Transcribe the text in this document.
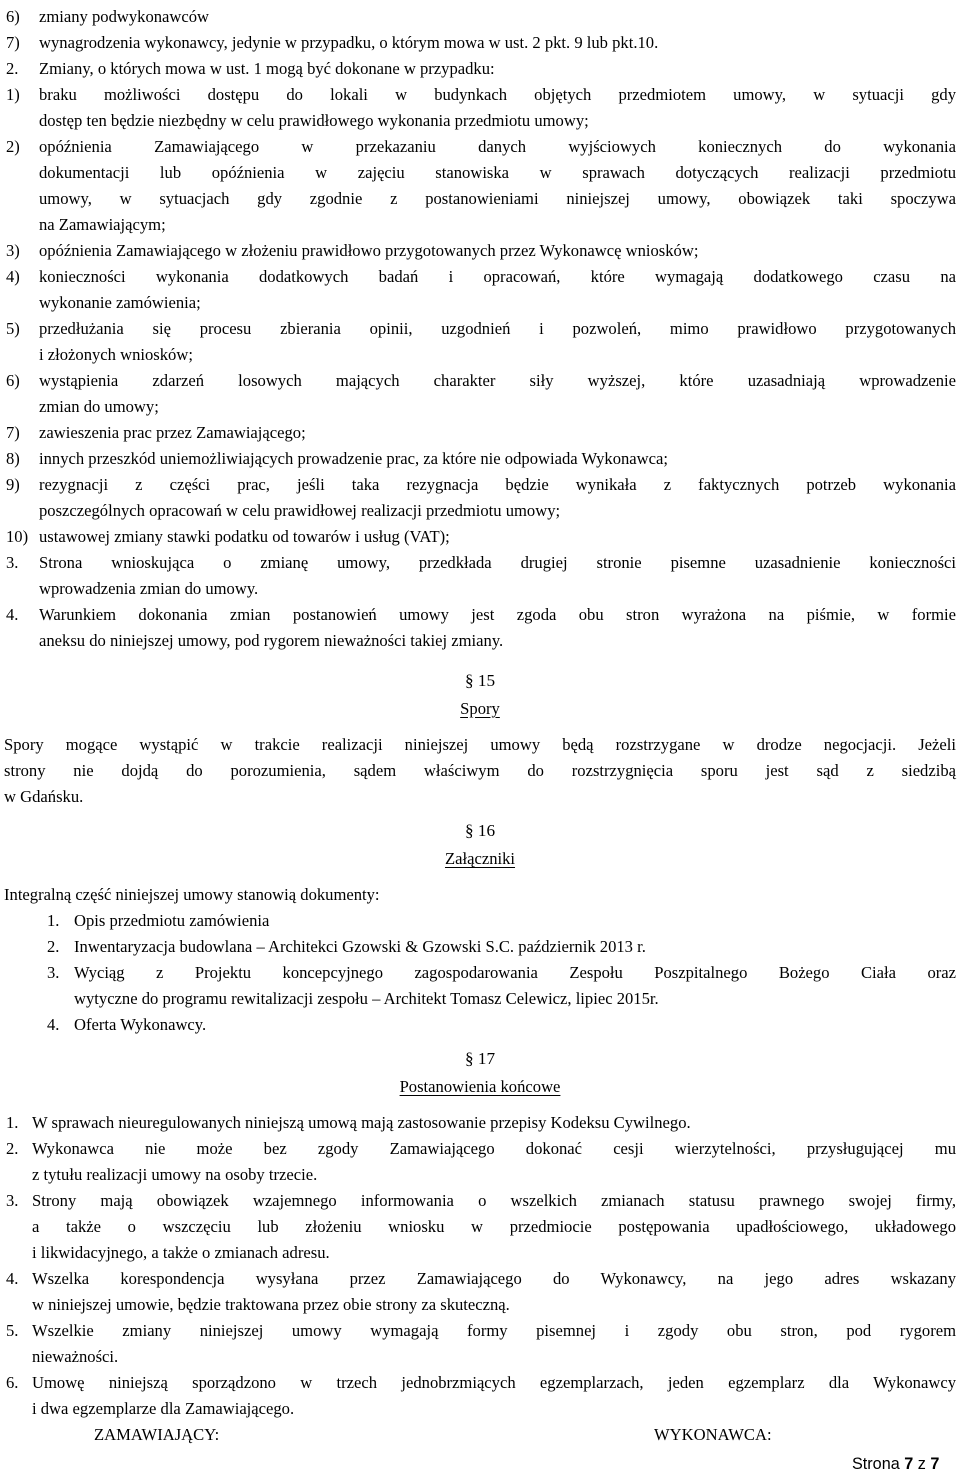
6) zmiany podwykonawców
7) wynagrodzenia wykonawcy, jedynie w przypadku, o którym mowa w ust. 2 pkt. 9 lub pkt.10.
2. Zmiany, o których mowa w ust. 1 mogą być dokonane w przypadku:
1) braku możliwości dostępu do lokali w budynkach objętych przedmiotem umowy, w sytuacji gdy
dostęp ten będzie niezbędny w celu prawidłowego wykonania przedmiotu umowy;
2) opóźnienia Zamawiającego w przekazaniu danych wyjściowych koniecznych do wykonania
dokumentacji lub opóźnienia w zajęciu stanowiska w sprawach dotyczących realizacji przedmiotu
umowy, w sytuacjach gdy zgodnie z postanowieniami niniejszej umowy, obowiązek taki spoczywa
na Zamawiającym;
3) opóźnienia Zamawiającego w złożeniu prawidłowo przygotowanych przez Wykonawcę wniosków;
4) konieczności wykonania dodatkowych badań i opracowań, które wymagają dodatkowego czasu na
wykonanie zamówienia;
5) przedłużania się procesu zbierania opinii, uzgodnień i pozwoleń, mimo prawidłowo przygotowanych
i złożonych wniosków;
6) wystąpienia zdarzeń losowych mających charakter siły wyższej, które uzasadniają wprowadzenie
zmian do umowy;
7) zawieszenia prac przez Zamawiającego;
8) innych przeszkód uniemożliwiających prowadzenie prac, za które nie odpowiada Wykonawca;
9) rezygnacji z części prac, jeśli taka rezygnacja będzie wynikała z faktycznych potrzeb wykonania
poszczególnych opracowań w celu prawidłowej realizacji przedmiotu umowy;
10) ustawowej zmiany stawki podatku od towarów i usług (VAT);
3. Strona wnioskująca o zmianę umowy, przedkłada drugiej stronie pisemne uzasadnienie konieczności
wprowadzenia zmian do umowy.
4. Warunkiem dokonania zmian postanowień umowy jest zgoda obu stron wyrażona na piśmie, w formie
aneksu do niniejszej umowy, pod rygorem nieważności takiej zmiany.
Spory mogące wystąpić w trakcie realizacji niniejszej umowy będą rozstrzygane w drodze negocjacji. Jeżeli
strony nie dojdą do porozumienia, sądem właściwym do rozstrzygnięcia sporu jest sąd z siedzibą
w Gdańsku.
Integralną część niniejszej umowy stanowią dokumenty:
1. Opis przedmiotu zamówienia
2. Inwentaryzacja budowlana – Architekci Gzowski & Gzowski S.C. październik 2013 r.
3. Wyciąg z Projektu koncepcyjnego zagospodarowania Zespołu Poszpitalnego Bożego Ciała oraz
wytyczne do programu rewitalizacji zespołu – Architekt Tomasz Celewicz, lipiec 2015r.
4. Oferta Wykonawcy.
1. W sprawach nieuregulowanych niniejszą umową mają zastosowanie przepisy Kodeksu Cywilnego.
2. Wykonawca nie może bez zgody Zamawiającego dokonać cesji wierzytelności, przysługującej mu
z tytułu realizacji umowy na osoby trzecie.
3. Strony mają obowiązek wzajemnego informowania o wszelkich zmianach statusu prawnego swojej firmy,
a także o wszczęciu lub złożeniu wniosku w przedmiocie postępowania upadłościowego, układowego
i likwidacyjnego, a także o zmianach adresu.
4. Wszelka korespondencja wysyłana przez Zamawiającego do Wykonawcy, na jego adres wskazany
w niniejszej umowie, będzie traktowana przez obie strony za skuteczną.
5. Wszelkie zmiany niniejszej umowy wymagają formy pisemnej i zgody obu stron, pod rygorem
nieważności.
6. Umowę niniejszą sporządzono w trzech jednobrzmiących egzemplarzach, jeden egzemplarz dla Wykonawcy
i dwa egzemplarze dla Zamawiającego.
§ 15
Spory
§ 16
Załączniki
§ 17
Postanowienia końcowe
ZAMAWIAJĄCY:	WYKONAWCA:
Strona 7 z 7
